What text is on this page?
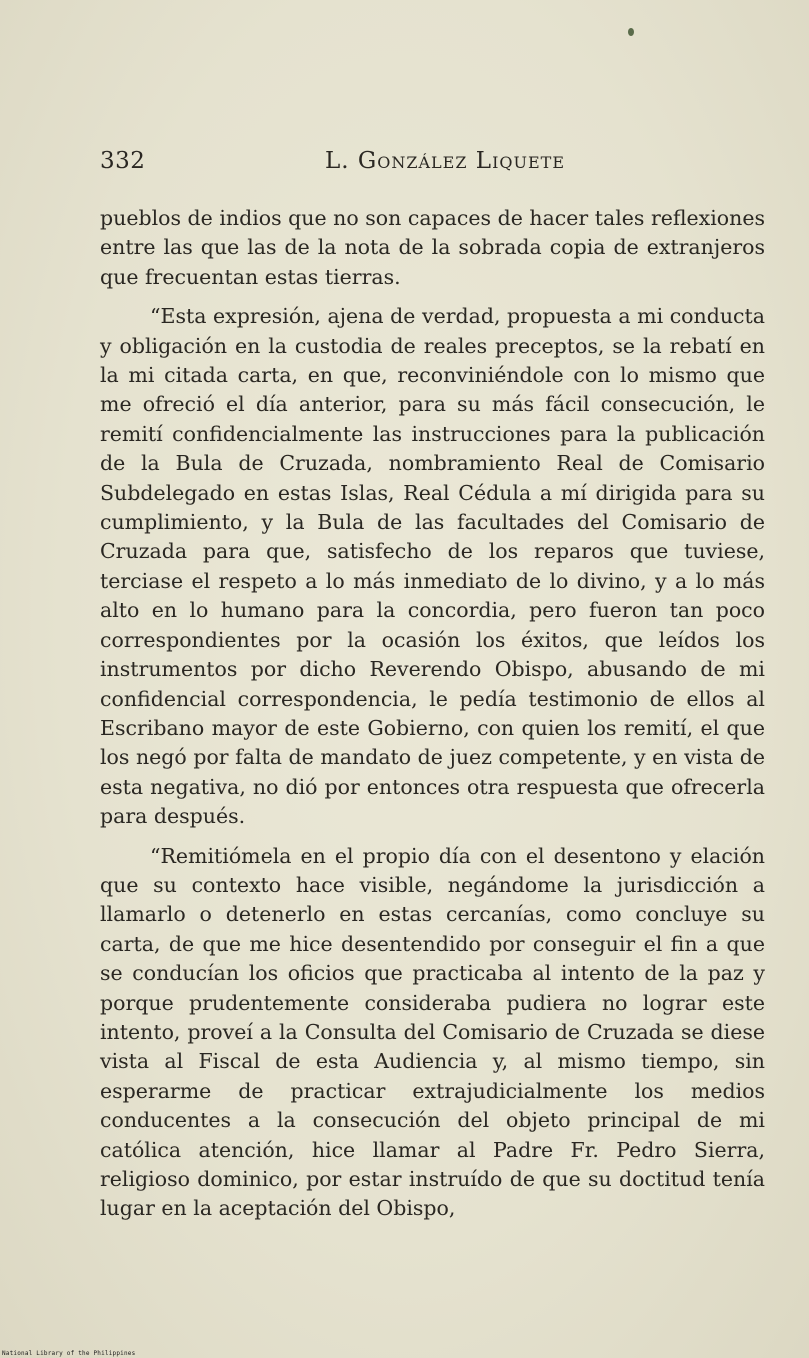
332	L. González Liquete

pueblos de indios que no son capaces de hacer tales reflexiones entre las que las de la nota de la sobrada copia de extranjeros que frecuentan estas tierras.

“Esta expresión, ajena de verdad, propuesta a mi conducta y obligación en la custodia de reales preceptos, se la rebatí en la mi citada carta, en que, reconviniéndole con lo mismo que me ofreció el día anterior, para su más fácil consecución, le remití confidencialmente las instrucciones para la publicación de la Bula de Cruzada, nombramiento Real de Comisario Subdelegado en estas Islas, Real Cédula a mí dirigida para su cumplimiento, y la Bula de las facultades del Comisario de Cruzada para que, satisfecho de los reparos que tuviese, terciase el respeto a lo más inmediato de lo divino, y a lo más alto en lo humano para la concordia, pero fueron tan poco correspondientes por la ocasión los éxitos, que leídos los instrumentos por dicho Reverendo Obispo, abusando de mi confidencial correspondencia, le pedía testimonio de ellos al Escribano mayor de este Gobierno, con quien los remití, el que los negó por falta de mandato de juez competente, y en vista de esta negativa, no dió por entonces otra respuesta que ofrecerla para después.

“Remitiómela en el propio día con el desentono y elación que su contexto hace visible, negándome la jurisdicción a llamarlo o detenerlo en estas cercanías, como concluye su carta, de que me hice desentendido por conseguir el fin a que se conducían los oficios que practicaba al intento de la paz y porque prudentemente consideraba pudiera no lograr este intento, proveí a la Consulta del Comisario de Cruzada se diese vista al Fiscal de esta Audiencia y, al mismo tiempo, sin esperarme de practicar extrajudicialmente los medios conducentes a la consecución del objeto principal de mi católica atención, hice llamar al Padre Fr. Pedro Sierra, religioso dominico, por estar instruído de que su doctitud tenía lugar en la aceptación del Obispo,

National Library of the Philippines
